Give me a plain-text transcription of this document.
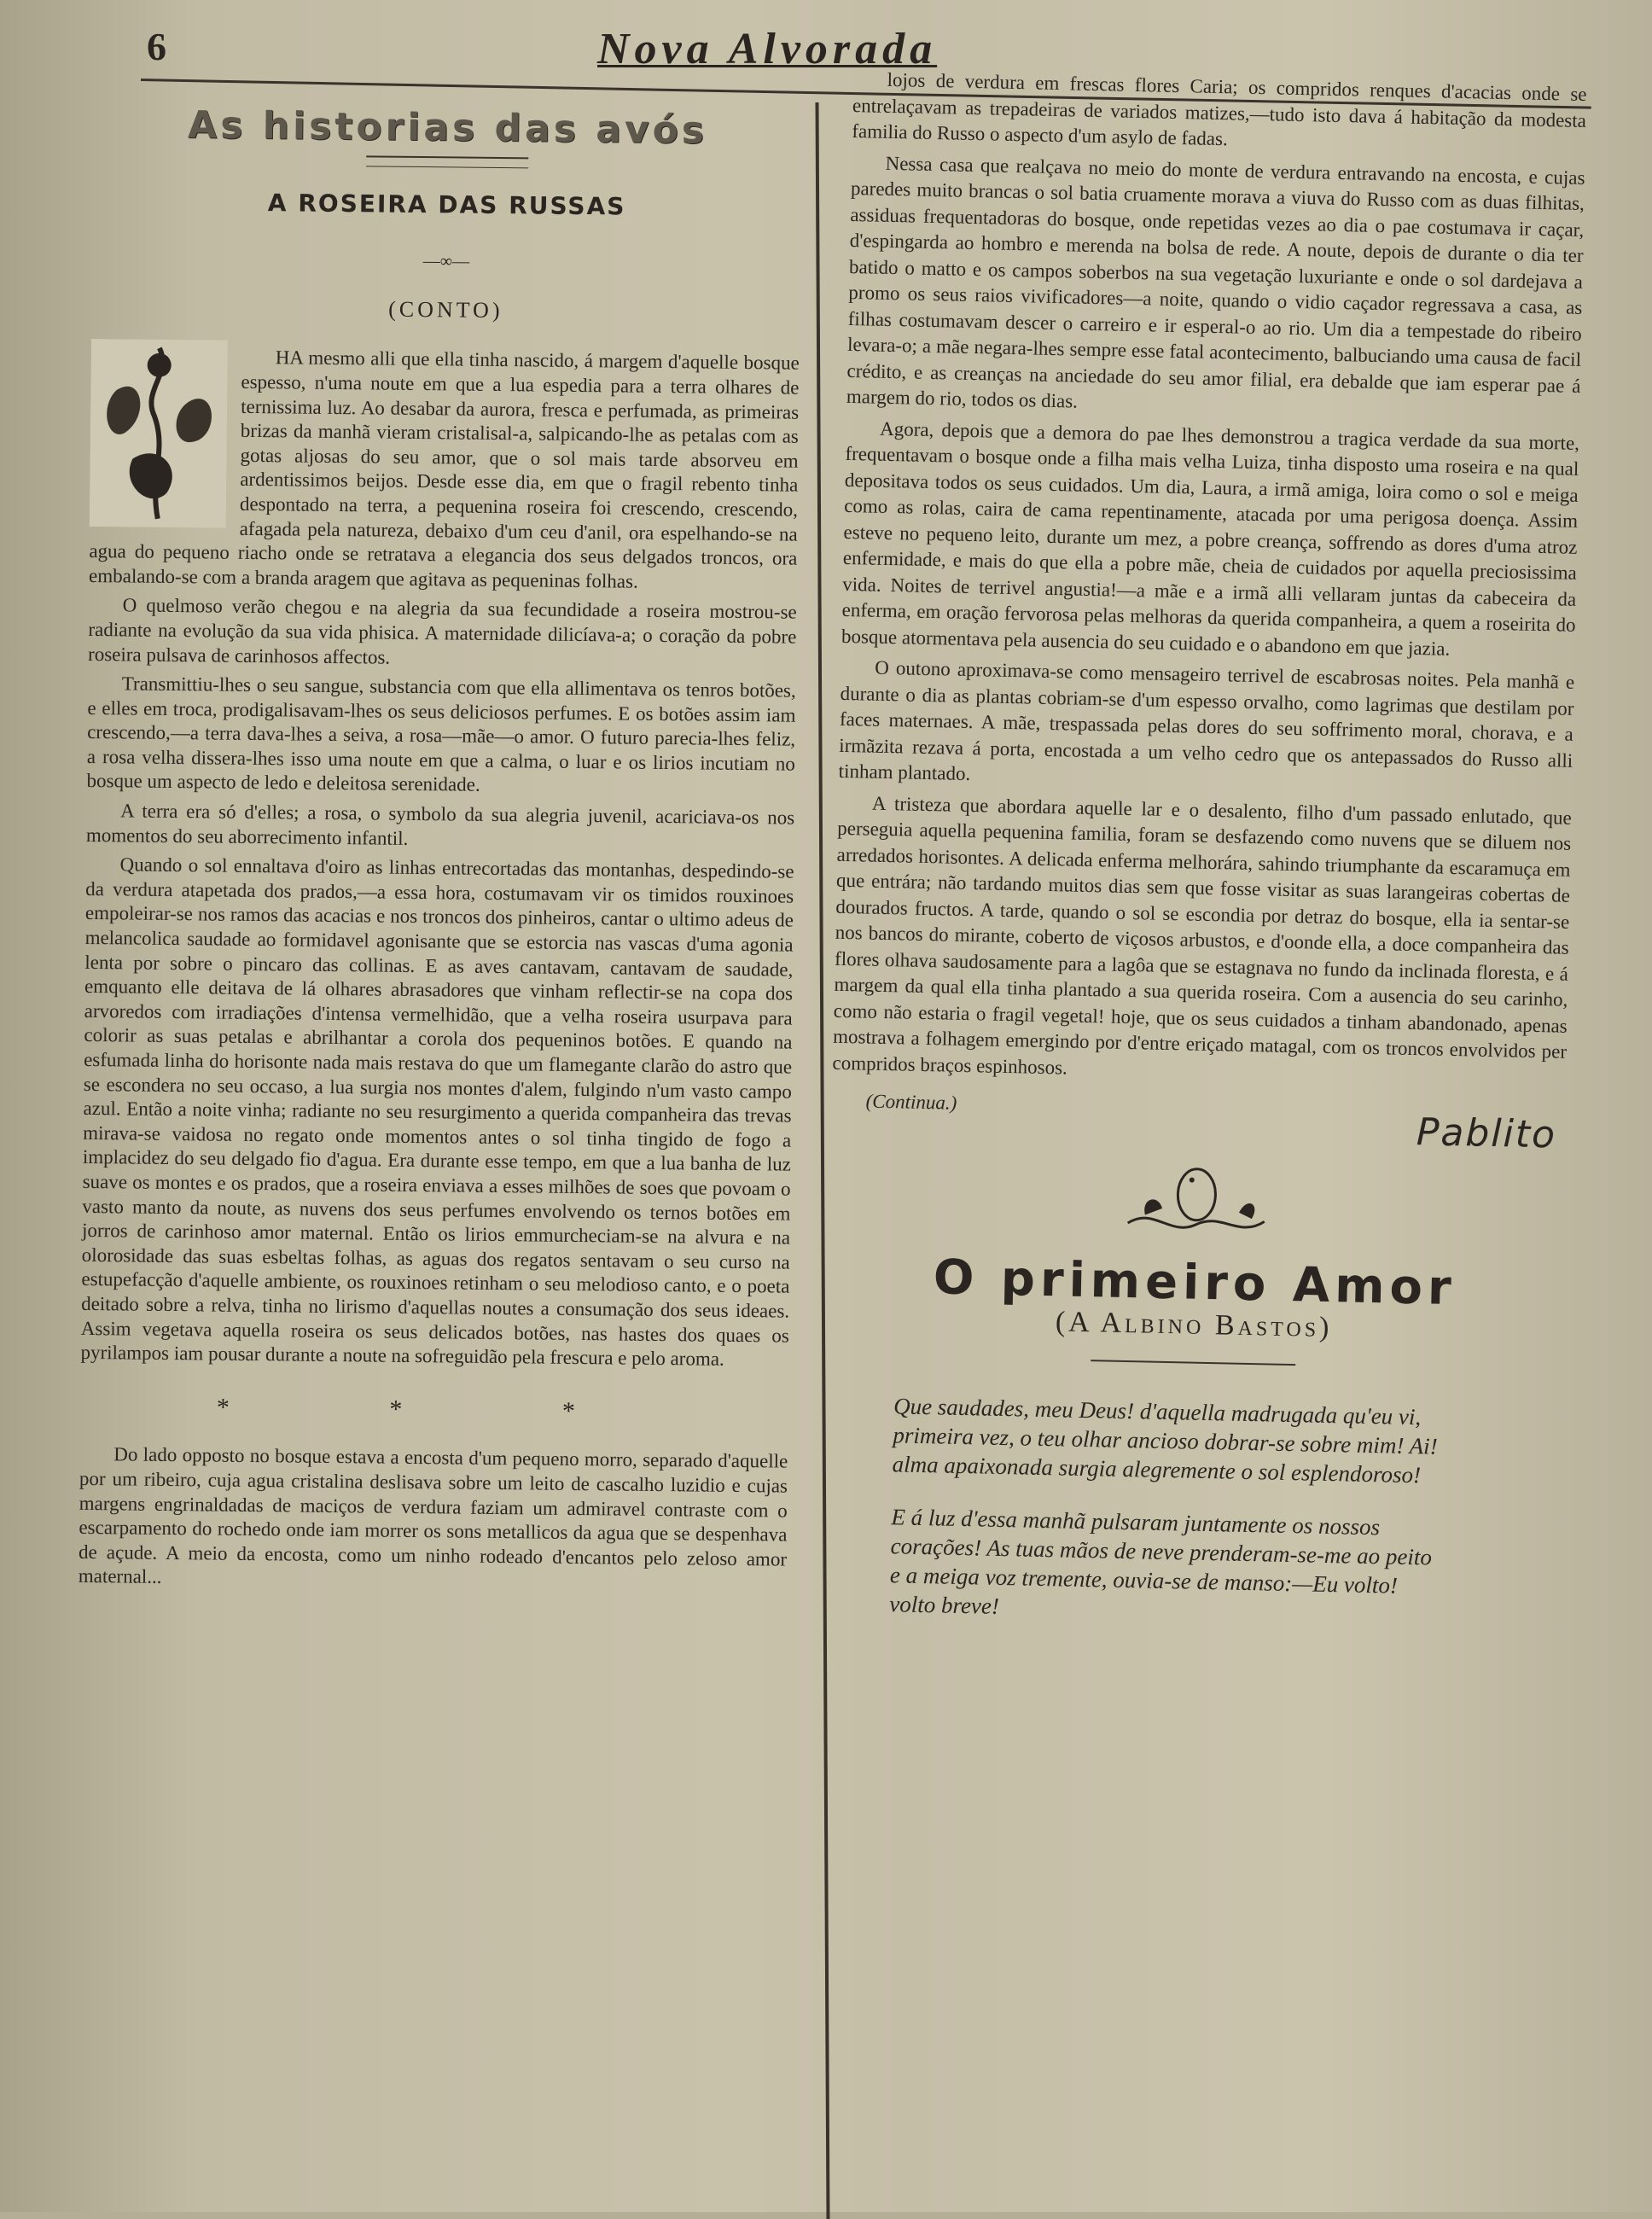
6	Nova Alvorada
As historias das avós
A ROSEIRA DAS RUSSAS
—∞—
(CONTO)

HA mesmo alli que ella tinha nascido, á margem d'aquelle bosque espesso, n'uma noute em que a lua espedia para a terra olhares de ternissima luz. Ao desabar da aurora, fresca e perfumada, as primeiras brizas da manhã vieram cristalisal-a, salpicando-lhe as petalas com as gotas aljosas do seu amor, que o sol mais tarde absorveu em ardentissimos beijos. Desde esse dia, em que o fragil rebento tinha despontado na terra, a pequenina roseira foi crescendo, crescendo, afagada pela natureza, debaixo d'um ceu d'anil, ora espelhando-se na agua do pequeno riacho onde se retratava a elegancia dos seus delgados troncos, ora embalando-se com a branda aragem que agitava as pequeninas folhas.

O quelmoso verão chegou e na alegria da sua fecundidade a roseira mostrou-se radiante na evolução da sua vida phisica. A maternidade dilicíava-a; o coração da pobre roseira pulsava de carinhosos affectos.

Transmittiu-lhes o seu sangue, substancia com que ella allimentava os tenros botões, e elles em troca, prodigalisavam-lhes os seus deliciosos perfumes. E os botões assim iam crescendo,—a terra dava-lhes a seiva, a rosa—mãe—o amor. O futuro parecia-lhes feliz, a rosa velha dissera-lhes isso uma noute em que a calma, o luar e os lirios incutiam no bosque um aspecto de ledo e deleitosa serenidade.

A terra era só d'elles; a rosa, o symbolo da sua alegria juvenil, acariciava-os nos momentos do seu aborrecimento infantil.

Quando o sol ennaltava d'oiro as linhas entrecortadas das montanhas, despedindo-se da verdura atapetada dos prados,—a essa hora, costumavam vir os timidos rouxinoes empoleirar-se nos ramos das acacias e nos troncos dos pinheiros, cantar o ultimo adeus de melancolica saudade ao formidavel agonisante que se estorcia nas vascas d'uma agonia lenta por sobre o pincaro das collinas. E as aves cantavam, cantavam de saudade, emquanto elle deitava de lá olhares abrasadores que vinham reflectir-se na copa dos arvoredos com irradiações d'intensa vermelhidão, que a velha roseira usurpava para colorir as suas petalas e abrilhantar a corola dos pequeninos botões. E quando na esfumada linha do horisonte nada mais restava do que um flamegante clarão do astro que se escondera no seu occaso, a lua surgia nos montes d'alem, fulgindo n'um vasto campo azul. Então a noite vinha; radiante no seu resurgimento a querida companheira das trevas mirava-se vaidosa no regato onde momentos antes o sol tinha tingido de fogo a implacidez do seu delgado fio d'agua. Era durante esse tempo, em que a lua banha de luz suave os montes e os prados, que a roseira enviava a esses milhões de soes que povoam o vasto manto da noute, as nuvens dos seus perfumes envolvendo os ternos botões em jorros de carinhoso amor maternal. Então os lirios emmurcheciam-se na alvura e na olorosidade das suas esbeltas folhas, as aguas dos regatos sentavam o seu curso na estupefacção d'aquelle ambiente, os rouxinoes retinham o seu melodioso canto, e o poeta deitado sobre a relva, tinha no lirismo d'aquellas noutes a consumação dos seus ideaes. Assim vegetava aquella roseira os seus delicados botões, nas hastes dos quaes os pyrilampos iam pousar durante a noute na sofreguidão pela frescura e pelo aroma.

* * *

Do lado opposto no bosque estava a encosta d'um pequeno morro, separado d'aquelle por um ribeiro, cuja agua cristalina deslisava sobre um leito de cascalho luzidio e cujas margens engrinaldadas de maciços de verdura faziam um admiravel contraste com o escarpamento do rochedo onde iam morrer os sons metallicos da agua que se despenhava de açude. A meio da encosta, como um ninho rodeado d'encantos pelo zeloso amor maternal...

lojos de verdura em frescas flores Caria; os compridos renques d'acacias onde se entrelaçavam as trepadeiras de variados matizes,—tudo isto dava á habitação da modesta familia do Russo o aspecto d'um asylo de fadas.

Nessa casa que realçava no meio do monte de verdura entravando na encosta, e cujas paredes muito brancas o sol batia cruamente morava a viuva do Russo com as duas filhitas, assiduas frequentadoras do bosque, onde repetidas vezes ao dia o pae costumava ir caçar, d'espingarda ao hombro e merenda na bolsa de rede. A noute, depois de durante o dia ter batido o matto e os campos soberbos na sua vegetação luxuriante e onde o sol dardejava a promo os seus raios vivificadores—a noite, quando o vidio caçador regressava a casa, as filhas costumavam descer o carreiro e ir esperal-o ao rio. Um dia a tempestade do ribeiro levara-o; a mãe negara-lhes sempre esse fatal acontecimento, balbuciando uma causa de facil crédito, e as creanças na anciedade do seu amor filial, era debalde que iam esperar pae á margem do rio, todos os dias.

Agora, depois que a demora do pae lhes demonstrou a tragica verdade da sua morte, frequentavam o bosque onde a filha mais velha Luiza, tinha disposto uma roseira e na qual depositava todos os seus cuidados. Um dia, Laura, a irmã amiga, loira como o sol e meiga como as rolas, caira de cama repentinamente, atacada por uma perigosa doença. Assim esteve no pequeno leito, durante um mez, a pobre creança, soffrendo as dores d'uma atroz enfermidade, e mais do que ella a pobre mãe, cheia de cuidados por aquella preciosissima vida. Noites de terrivel angustia!—a mãe e a irmã alli vellaram juntas da cabeceira da enferma, em oração fervorosa pelas melhoras da querida companheira, a quem a roseirita do bosque atormentava pela ausencia do seu cuidado e o abandono em que jazia.

O outono aproximava-se como mensageiro terrivel de escabrosas noites. Pela manhã e durante o dia as plantas cobriam-se d'um espesso orvalho, como lagrimas que destilam por faces maternaes. A mãe, trespassada pelas dores do seu soffrimento moral, chorava, e a irmãzita rezava á porta, encostada a um velho cedro que os antepassados do Russo alli tinham plantado.

A tristeza que abordara aquelle lar e o desalento, filho d'um passado enlutado, que perseguia aquella pequenina familia, foram se desfazendo como nuvens que se diluem nos arredados horisontes. A delicada enferma melhorára, sahindo triumphante da escaramuça em que entrára; não tardando muitos dias sem que fosse visitar as suas larangeiras cobertas de dourados fructos. A tarde, quando o sol se escondia por detraz do bosque, ella ia sentar-se nos bancos do mirante, coberto de viçosos arbustos, e d'oonde ella, a doce companheira das flores olhava saudosamente para a lagôa que se estagnava no fundo da inclinada floresta, e á margem da qual ella tinha plantado a sua querida roseira. Com a ausencia do seu carinho, como não estaria o fragil vegetal! hoje, que os seus cuidados a tinham abandonado, apenas mostrava a folhagem emergindo por d'entre eriçado matagal, com os troncos envolvidos per compridos braços espinhosos.

(Continua.)
Pablito
O primeiro Amor
(A Albino Bastos)
Que saudades, meu Deus! d'aquella madrugada qu'eu vi, primeira vez, o teu olhar ancioso dobrar-se sobre mim! Ai! alma apaixonada surgia alegremente o sol esplendoroso!
E á luz d'essa manhã pulsaram juntamente os nossos corações! As tuas mãos de neve prenderam-se-me ao peito e a meiga voz tremente, ouvia-se de manso:—Eu volto! volto breve!
